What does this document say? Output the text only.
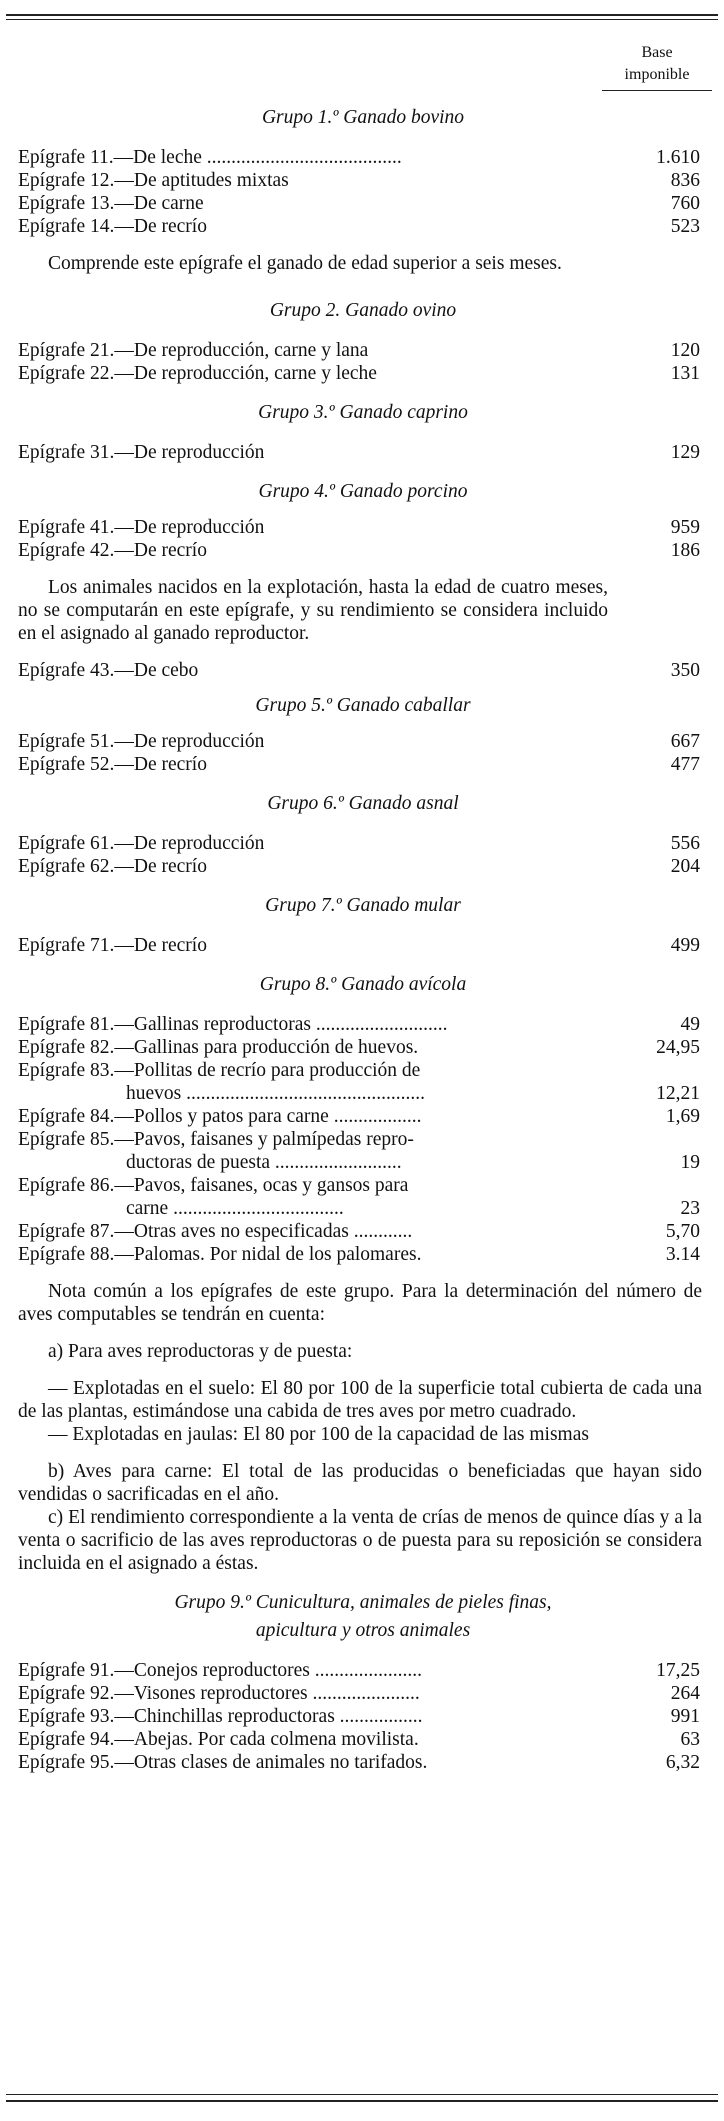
Base
imponible
Grupo 1.º Ganado bovino
Epígrafe 11.—De leche ........................................	1.610
Epígrafe 12.—De aptitudes mixtas	836
Epígrafe 13.—De carne	760
Epígrafe 14.—De recrío	523

Comprende este epígrafe el ganado de edad superior a seis meses.

Grupo 2. Ganado ovino
Epígrafe 21.—De reproducción, carne y lana	120
Epígrafe 22.—De reproducción, carne y leche	131
Grupo 3.º Ganado caprino
Epígrafe 31.—De reproducción	129
Grupo 4.º Ganado porcino
Epígrafe 41.—De reproducción	959
Epígrafe 42.—De recrío	186

Los animales nacidos en la explotación, hasta la edad de cuatro meses, no se computarán en este epígrafe, y su rendimiento se considera incluido en el asignado al ganado reproductor.

Epígrafe 43.—De cebo	350
Grupo 5.º Ganado caballar
Epígrafe 51.—De reproducción	667
Epígrafe 52.—De recrío	477
Grupo 6.º Ganado asnal
Epígrafe 61.—De reproducción	556
Epígrafe 62.—De recrío	204
Grupo 7.º Ganado mular
Epígrafe 71.—De recrío	499
Grupo 8.º Ganado avícola
Epígrafe 81.—Gallinas reproductoras ...........................	49
Epígrafe 82.—Gallinas para producción de huevos.	24,95
Epígrafe 83.—Pollitas de recrío para producción de
huevos .................................................	12,21
Epígrafe 84.—Pollos y patos para carne ..................	1,69
Epígrafe 85.—Pavos, faisanes y palmípedas repro-
ductoras de puesta ..........................	19
Epígrafe 86.—Pavos, faisanes, ocas y gansos para
carne ...................................	23
Epígrafe 87.—Otras aves no especificadas ............	5,70
Epígrafe 88.—Palomas. Por nidal de los palomares.	3.14

Nota común a los epígrafes de este grupo. Para la determinación del número de aves computables se tendrán en cuenta:

a) Para aves reproductoras y de puesta:

— Explotadas en el suelo: El 80 por 100 de la superficie total cubierta de cada una de las plantas, estimándose una cabida de tres aves por metro cuadrado.

— Explotadas en jaulas: El 80 por 100 de la capacidad de las mismas

b) Aves para carne: El total de las producidas o beneficiadas que hayan sido vendidas o sacrificadas en el año.

c) El rendimiento correspondiente a la venta de crías de menos de quince días y a la venta o sacrificio de las aves reproductoras o de puesta para su reposición se considera incluida en el asignado a éstas.

Grupo 9.º Cunicultura, animales de pieles finas,
apicultura y otros animales
Epígrafe 91.—Conejos reproductores ......................	17,25
Epígrafe 92.—Visones reproductores ......................	264
Epígrafe 93.—Chinchillas reproductoras .................	991
Epígrafe 94.—Abejas. Por cada colmena movilista.	63
Epígrafe 95.—Otras clases de animales no tarifados.	6,32
